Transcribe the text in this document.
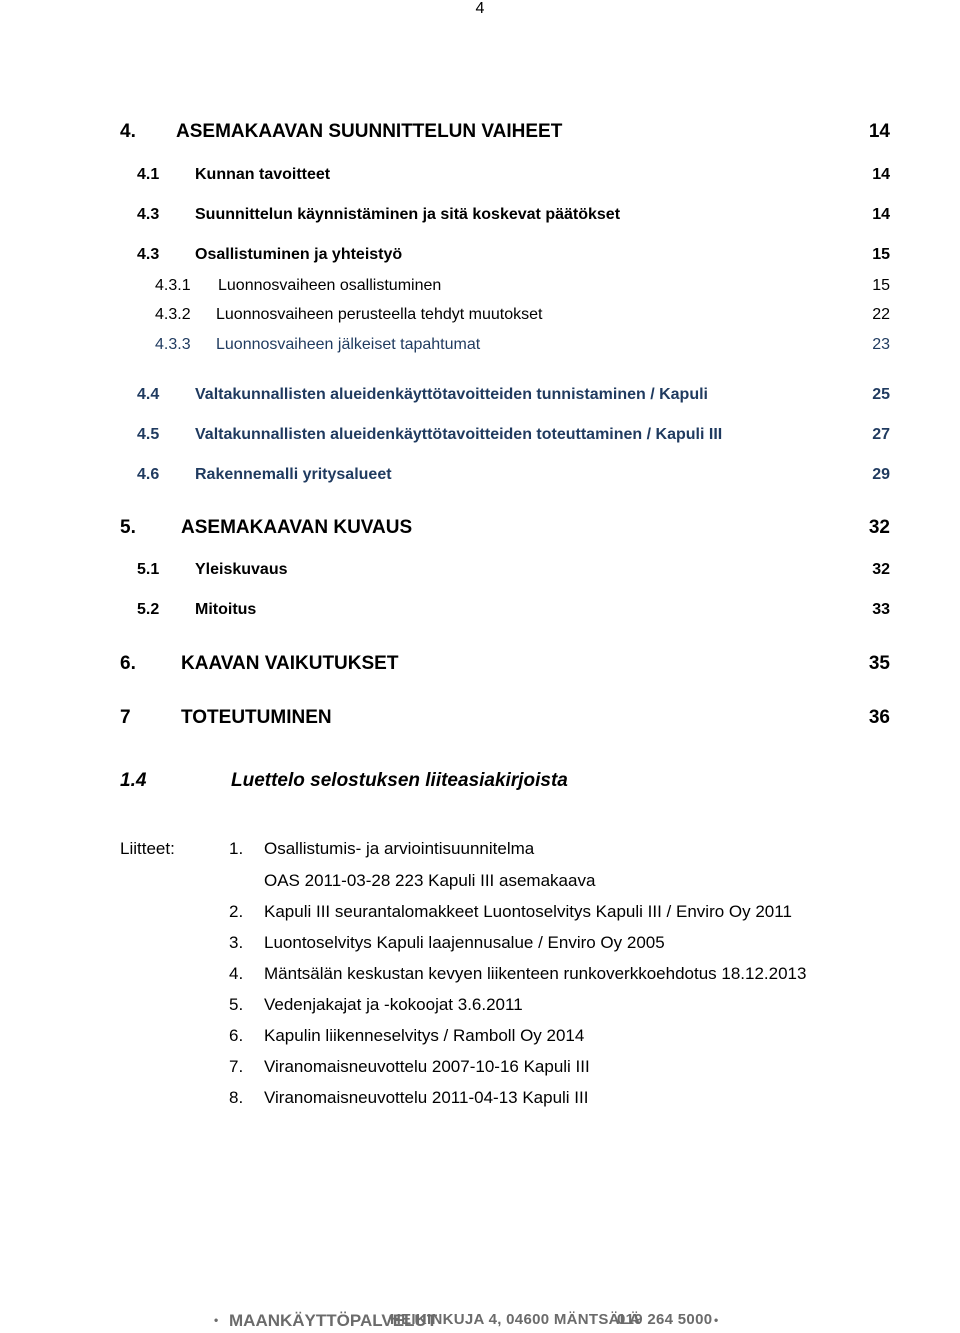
4
4. ASEMAKAAVAN SUUNNITTELUN VAIHEET	14
4.1 Kunnan tavoitteet	14
4.3 Suunnittelun käynnistäminen ja sitä koskevat päätökset	14
4.3 Osallistuminen ja yhteistyö	15
4.3.1 Luonnosvaiheen osallistuminen	15
4.3.2 Luonnosvaiheen perusteella tehdyt muutokset	22
4.3.3 Luonnosvaiheen jälkeiset tapahtumat	23
4.4 Valtakunnallisten alueidenkäyttötavoitteiden tunnistaminen / Kapuli	25
4.5 Valtakunnallisten alueidenkäyttötavoitteiden toteuttaminen / Kapuli III	27
4.6 Rakennemalli yritysalueet	29
5. ASEMAKAAVAN KUVAUS	32
5.1 Yleiskuvaus	32
5.2 Mitoitus	33
6. KAAVAN VAIKUTUKSET	35
7	TOTEUTUMINEN	36
1.4	Luettelo selostuksen liiteasiakirjoista
Liitteet:	1. Osallistumis- ja arviointisuunnitelma
OAS 2011-03-28 223 Kapuli III asemakaava
2. Kapuli III seurantalomakkeet Luontoselvitys Kapuli III / Enviro Oy 2011
3. Luontoselvitys Kapuli laajennusalue / Enviro Oy 2005
4. Mäntsälän keskustan kevyen liikenteen runkoverkkoehdotus 18.12.2013
5. Vedenjakajat ja -kokoojat 3.6.2011
6. Kapulin liikenneselvitys / Ramboll Oy 2014
7. Viranomaisneuvottelu 2007-10-16 Kapuli III
8. Viranomaisneuvottelu 2011-04-13 Kapuli III
• MAANKÄYTTÖPALVELUT
HEIKINKUJA 4, 04600 MÄNTSÄLÄ
019 264 5000 •
